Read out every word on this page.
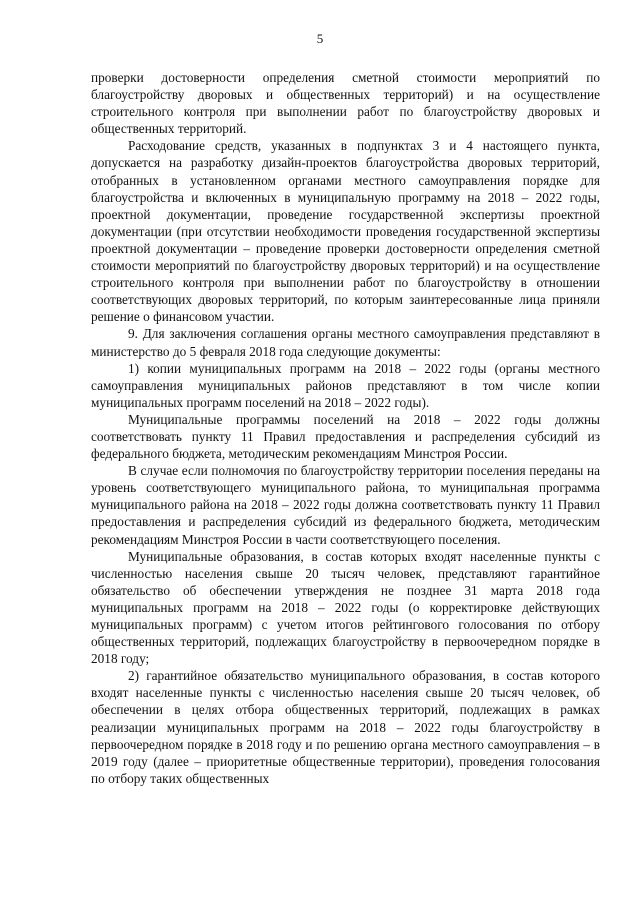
5

проверки достоверности определения сметной стоимости мероприятий по благоустройству дворовых и общественных территорий) и на осуществление строительного контроля при выполнении работ по благоустройству дворовых и общественных территорий.

Расходование средств, указанных в подпунктах 3 и 4 настоящего пункта, допускается на разработку дизайн-проектов благоустройства дворовых территорий, отобранных в установленном органами местного самоуправления порядке для благоустройства и включенных в муниципальную программу на 2018 – 2022 годы, проектной документации, проведение государственной экспертизы проектной документации (при отсутствии необходимости проведения государственной экспертизы проектной документации – проведение проверки достоверности определения сметной стоимости мероприятий по благоустройству дворовых территорий) и на осуществление строительного контроля при выполнении работ по благоустройству в отношении соответствующих дворовых территорий, по которым заинтересованные лица приняли решение о финансовом участии.

9. Для заключения соглашения органы местного самоуправления представляют в министерство до 5 февраля 2018 года следующие документы:

1) копии муниципальных программ на 2018 – 2022 годы (органы местного самоуправления муниципальных районов представляют в том числе копии муниципальных программ поселений на 2018 – 2022 годы).

Муниципальные программы поселений на 2018 – 2022 годы должны соответствовать пункту 11 Правил предоставления и распределения субсидий из федерального бюджета, методическим рекомендациям Минстроя России.

В случае если полномочия по благоустройству территории поселения переданы на уровень соответствующего муниципального района, то муниципальная программа муниципального района на 2018 – 2022 годы должна соответствовать пункту 11 Правил предоставления и распределения субсидий из федерального бюджета, методическим рекомендациям Минстроя России в части соответствующего поселения.

Муниципальные образования, в состав которых входят населенные пункты с численностью населения свыше 20 тысяч человек, представляют гарантийное обязательство об обеспечении утверждения не позднее 31 марта 2018 года муниципальных программ на 2018 – 2022 годы (о корректировке действующих муниципальных программ) с учетом итогов рейтингового голосования по отбору общественных территорий, подлежащих благоустройству в первоочередном порядке в 2018 году;

2) гарантийное обязательство муниципального образования, в состав которого входят населенные пункты с численностью населения свыше 20 тысяч человек, об обеспечении в целях отбора общественных территорий, подлежащих в рамках реализации муниципальных программ на 2018 – 2022 годы благоустройству в первоочередном порядке в 2018 году и по решению органа местного самоуправления – в 2019 году (далее – приоритетные общественные территории), проведения голосования по отбору таких общественных
